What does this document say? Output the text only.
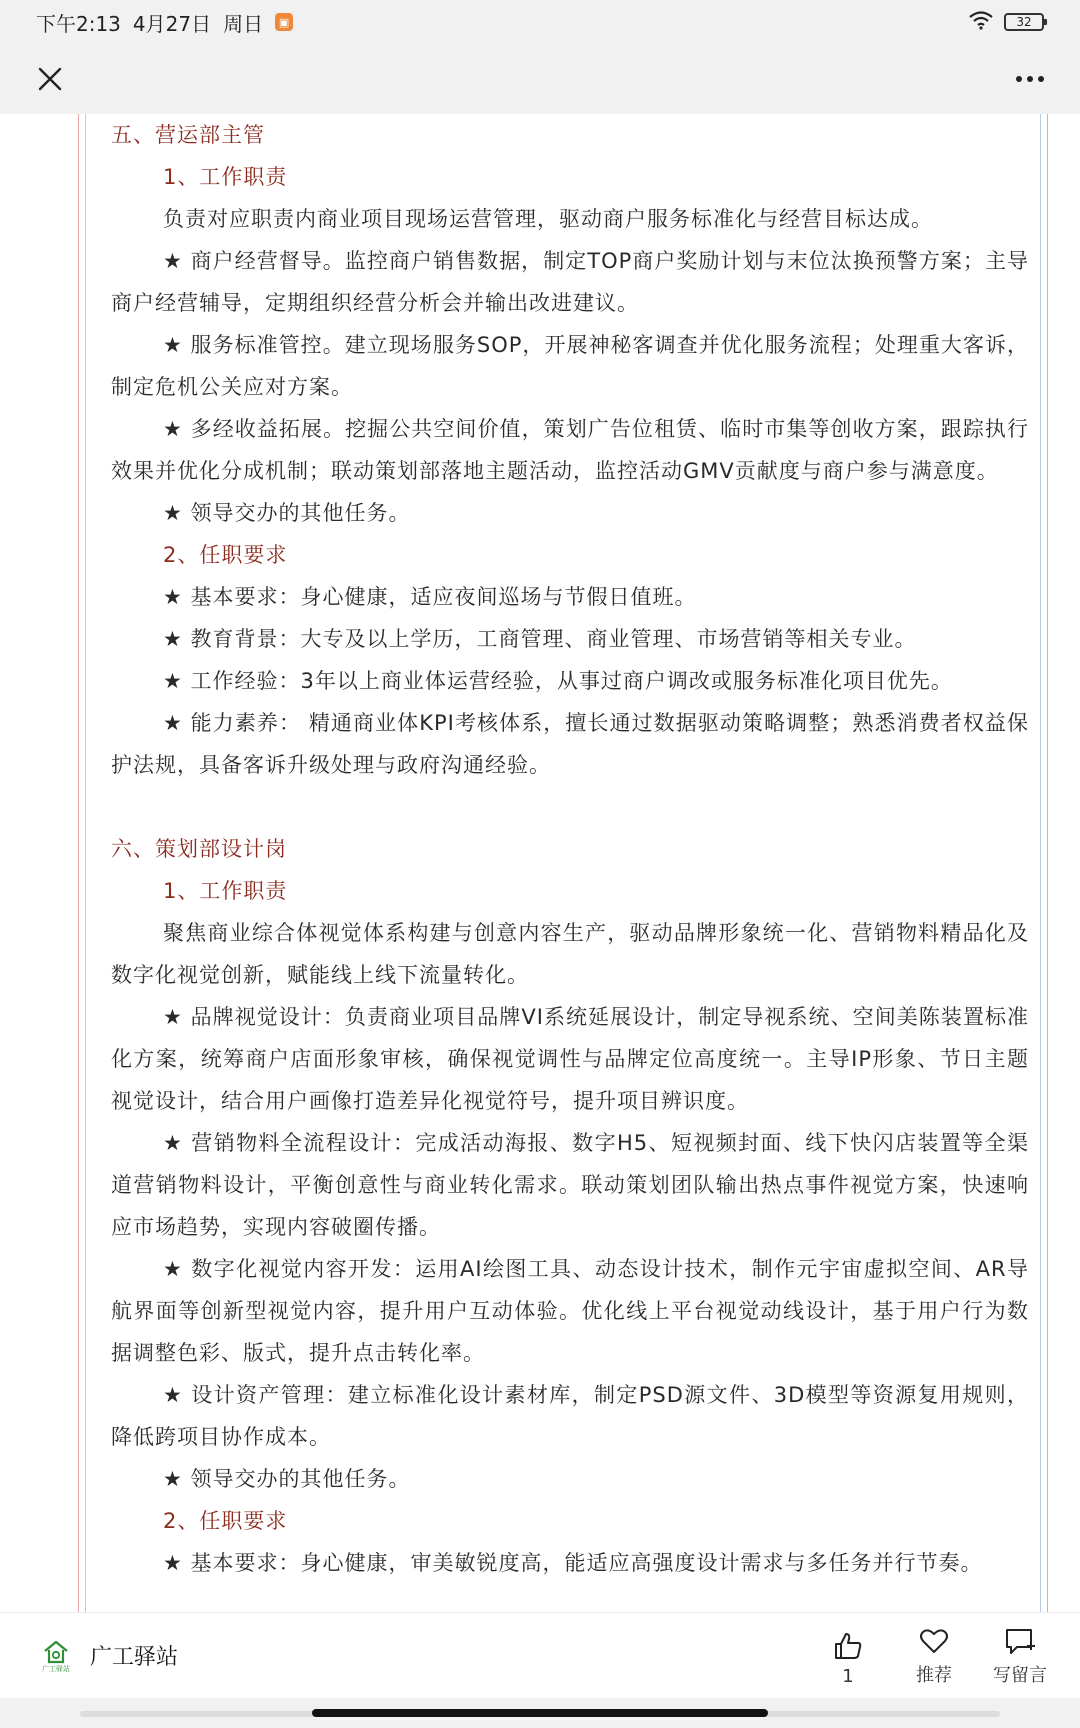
下午2:13 4月27日 周日	▣	32
五、营运部主管
1、工作职责
负责对应职责内商业项目现场运营管理，驱动商户服务标准化与经营目标达成。
★ 商户经营督导。监控商户销售数据，制定TOP商户奖励计划与末位汰换预警方案；主导商户经营辅导，定期组织经营分析会并输出改进建议。
★ 服务标准管控。建立现场服务SOP，开展神秘客调查并优化服务流程；处理重大客诉，制定危机公关应对方案。
★ 多经收益拓展。挖掘公共空间价值，策划广告位租赁、临时市集等创收方案，跟踪执行效果并优化分成机制；联动策划部落地主题活动，监控活动GMV贡献度与商户参与满意度。
★ 领导交办的其他任务。
2、任职要求
★ 基本要求：身心健康，适应夜间巡场与节假日值班。
★ 教育背景：大专及以上学历，工商管理、商业管理、市场营销等相关专业。
★ 工作经验：3年以上商业体运营经验，从事过商户调改或服务标准化项目优先。
★ 能力素养： 精通商业体KPI考核体系，擅长通过数据驱动策略调整；熟悉消费者权益保护法规，具备客诉升级处理与政府沟通经验。
六、策划部设计岗
1、工作职责
聚焦商业综合体视觉体系构建与创意内容生产，驱动品牌形象统一化、营销物料精品化及数字化视觉创新，赋能线上线下流量转化。
★ 品牌视觉设计：负责商业项目品牌VI系统延展设计，制定导视系统、空间美陈装置标准化方案，统筹商户店面形象审核，确保视觉调性与品牌定位高度统一。主导IP形象、节日主题视觉设计，结合用户画像打造差异化视觉符号，提升项目辨识度。
★ 营销物料全流程设计：完成活动海报、数字H5、短视频封面、线下快闪店装置等全渠道营销物料设计，平衡创意性与商业转化需求。联动策划团队输出热点事件视觉方案，快速响应市场趋势，实现内容破圈传播。
★ 数字化视觉内容开发：运用AI绘图工具、动态设计技术，制作元宇宙虚拟空间、AR导航界面等创新型视觉内容，提升用户互动体验。优化线上平台视觉动线设计，基于用户行为数据调整色彩、版式，提升点击转化率。
★ 设计资产管理：建立标准化设计素材库，制定PSD源文件、3D模型等资源复用规则，降低跨项目协作成本。
★ 领导交办的其他任务。
2、任职要求
★ 基本要求：身心健康，审美敏锐度高，能适应高强度设计需求与多任务并行节奏。
广工驿站 广工驿站
1	推荐 写留言
